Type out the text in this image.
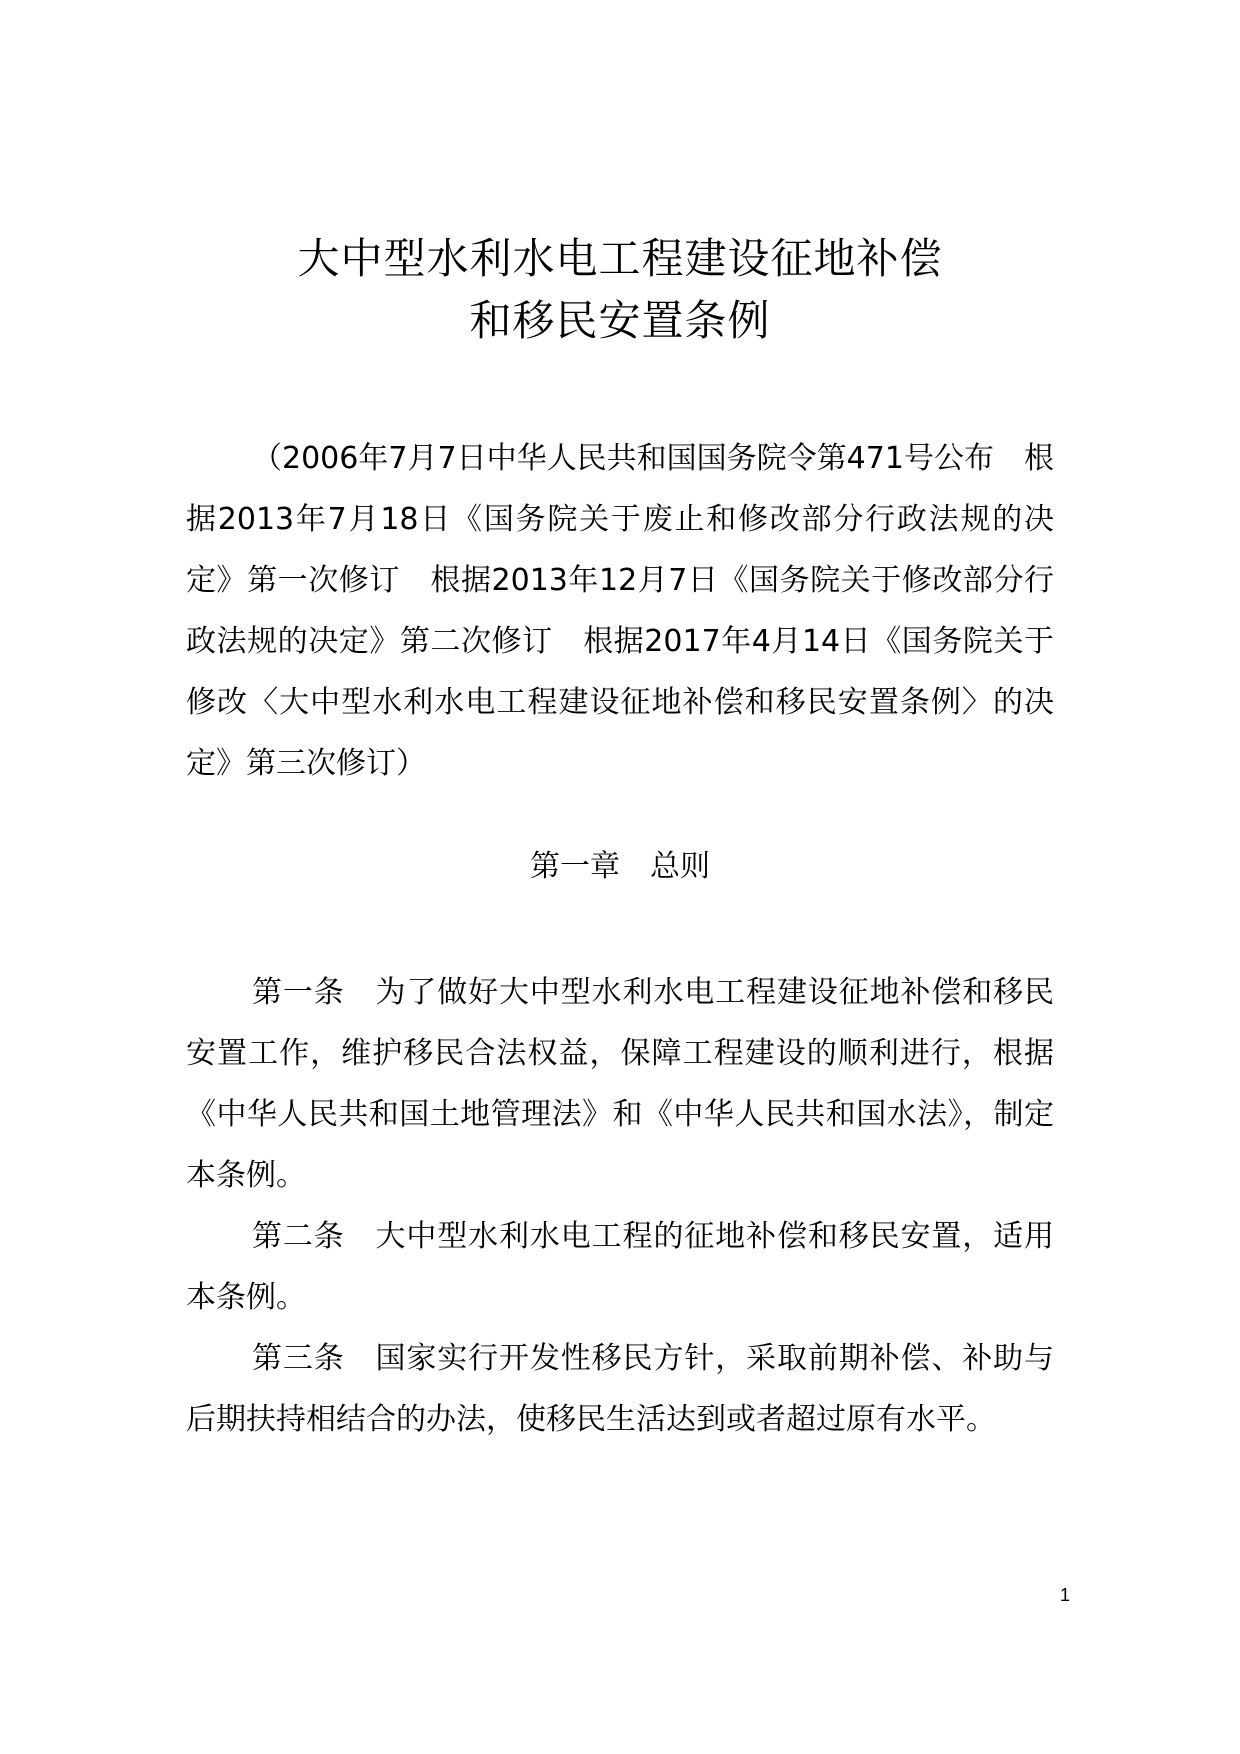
大中型水利水电工程建设征地补偿
和移民安置条例
（2006年7月7日中华人民共和国国务院令第471号公布　根据2013年7月18日《国务院关于废止和修改部分行政法规的决定》第一次修订　根据2013年12月7日《国务院关于修改部分行政法规的决定》第二次修订　根据2017年4月14日《国务院关于修改〈大中型水利水电工程建设征地补偿和移民安置条例〉的决定》第三次修订）
第一章　总则

第一条　为了做好大中型水利水电工程建设征地补偿和移民安置工作，维护移民合法权益，保障工程建设的顺利进行，根据《中华人民共和国土地管理法》和《中华人民共和国水法》，制定本条例。

第二条　大中型水利水电工程的征地补偿和移民安置，适用本条例。

第三条　国家实行开发性移民方针，采取前期补偿、补助与后期扶持相结合的办法，使移民生活达到或者超过原有水平。

1
